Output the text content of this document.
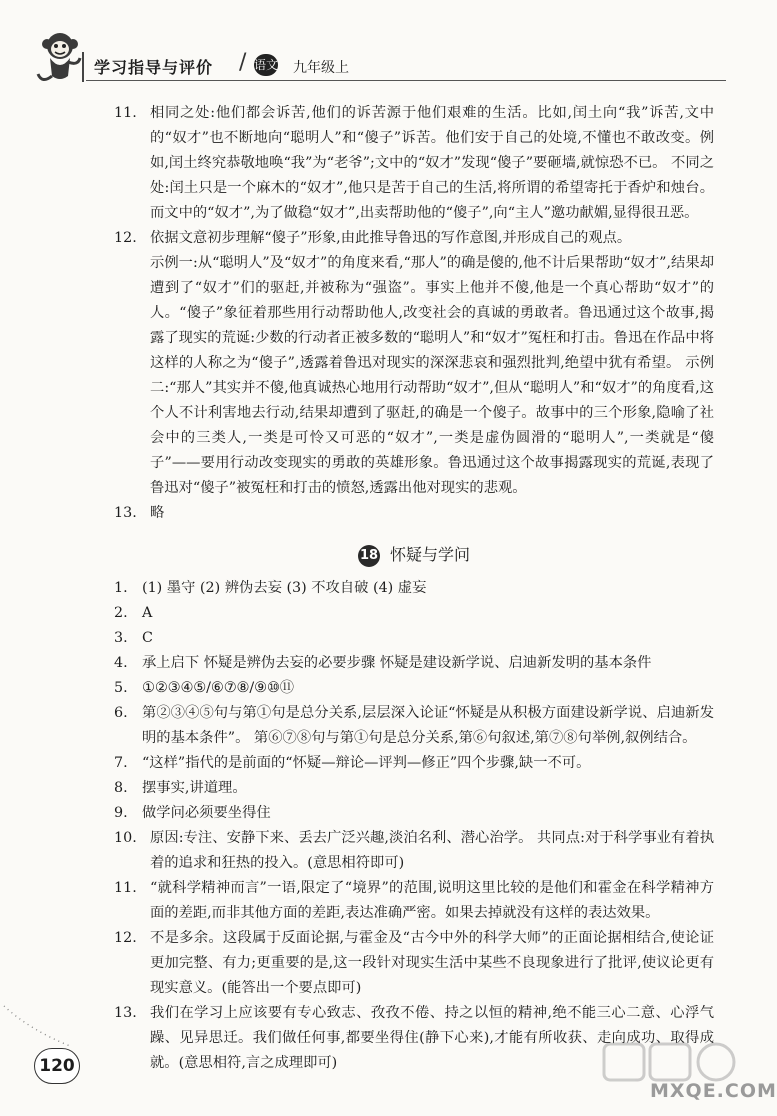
学习指导与评价 / 语文 九年级上
11. 相同之处:他们都会诉苦,他们的诉苦源于他们艰难的生活。比如,闰土向“我”诉苦,文中的“奴才”也不断地向“聪明人”和“傻子”诉苦。他们安于自己的处境,不懂也不敢改变。例如,闰土终究恭敬地唤“我”为“老爷”;文中的“奴才”发现“傻子”要砸墙,就惊恐不已。 不同之处:闰土只是一个麻木的“奴才”,他只是苦于自己的生活,将所谓的希望寄托于香炉和烛台。而文中的“奴才”,为了做稳“奴才”,出卖帮助他的“傻子”,向“主人”邀功献媚,显得很丑恶。
12. 依据文意初步理解“傻子”形象,由此推导鲁迅的写作意图,并形成自己的观点。
示例一:从“聪明人”及“奴才”的角度来看,“那人”的确是傻的,他不计后果帮助“奴才”,结果却遭到了“奴才”们的驱赶,并被称为“强盗”。事实上他并不傻,他是一个真心帮助“奴才”的人。“傻子”象征着那些用行动帮助他人,改变社会的真诚的勇敢者。鲁迅通过这个故事,揭露了现实的荒诞:少数的行动者正被多数的“聪明人”和“奴才”冤枉和打击。鲁迅在作品中将这样的人称之为“傻子”,透露着鲁迅对现实的深深悲哀和强烈批判,绝望中犹有希望。 示例二:“那人”其实并不傻,他真诚热心地用行动帮助“奴才”,但从“聪明人”和“奴才”的角度看,这个人不计利害地去行动,结果却遭到了驱赶,的确是一个傻子。故事中的三个形象,隐喻了社会中的三类人,一类是可怜又可恶的“奴才”,一类是虚伪圆滑的“聪明人”,一类就是“傻子”——要用行动改变现实的勇敢的英雄形象。鲁迅通过这个故事揭露现实的荒诞,表现了鲁迅对“傻子”被冤枉和打击的愤怒,透露出他对现实的悲观。
13. 略
18 怀疑与学问
1. (1) 墨守 (2) 辨伪去妄 (3) 不攻自破 (4) 虚妄
2. A
3. C
4. 承上启下 怀疑是辨伪去妄的必要步骤 怀疑是建设新学说、启迪新发明的基本条件
5. ①②③④⑤/⑥⑦⑧/⑨⑩⑪
6. 第②③④⑤句与第①句是总分关系,层层深入论证“怀疑是从积极方面建设新学说、启迪新发明的基本条件”。 第⑥⑦⑧句与第①句是总分关系,第⑥句叙述,第⑦⑧句举例,叙例结合。
7. “这样”指代的是前面的“怀疑—辩论—评判—修正”四个步骤,缺一不可。
8. 摆事实,讲道理。
9. 做学问必须要坐得住
10. 原因:专注、安静下来、丢去广泛兴趣,淡泊名利、潜心治学。 共同点:对于科学事业有着执着的追求和狂热的投入。(意思相符即可)
11. “就科学精神而言”一语,限定了“境界”的范围,说明这里比较的是他们和霍金在科学精神方面的差距,而非其他方面的差距,表达准确严密。如果去掉就没有这样的表达效果。
12. 不是多余。这段属于反面论据,与霍金及“古今中外的科学大师”的正面论据相结合,使论证更加完整、有力;更重要的是,这一段针对现实生活中某些不良现象进行了批评,使议论更有现实意义。(能答出一个要点即可)
13. 我们在学习上应该要有专心致志、孜孜不倦、持之以恒的精神,绝不能三心二意、心浮气躁、见异思迁。我们做任何事,都要坐得住(静下心来),才能有所收获、走向成功、取得成就。(意思相符,言之成理即可)
120
MXQE.COM
